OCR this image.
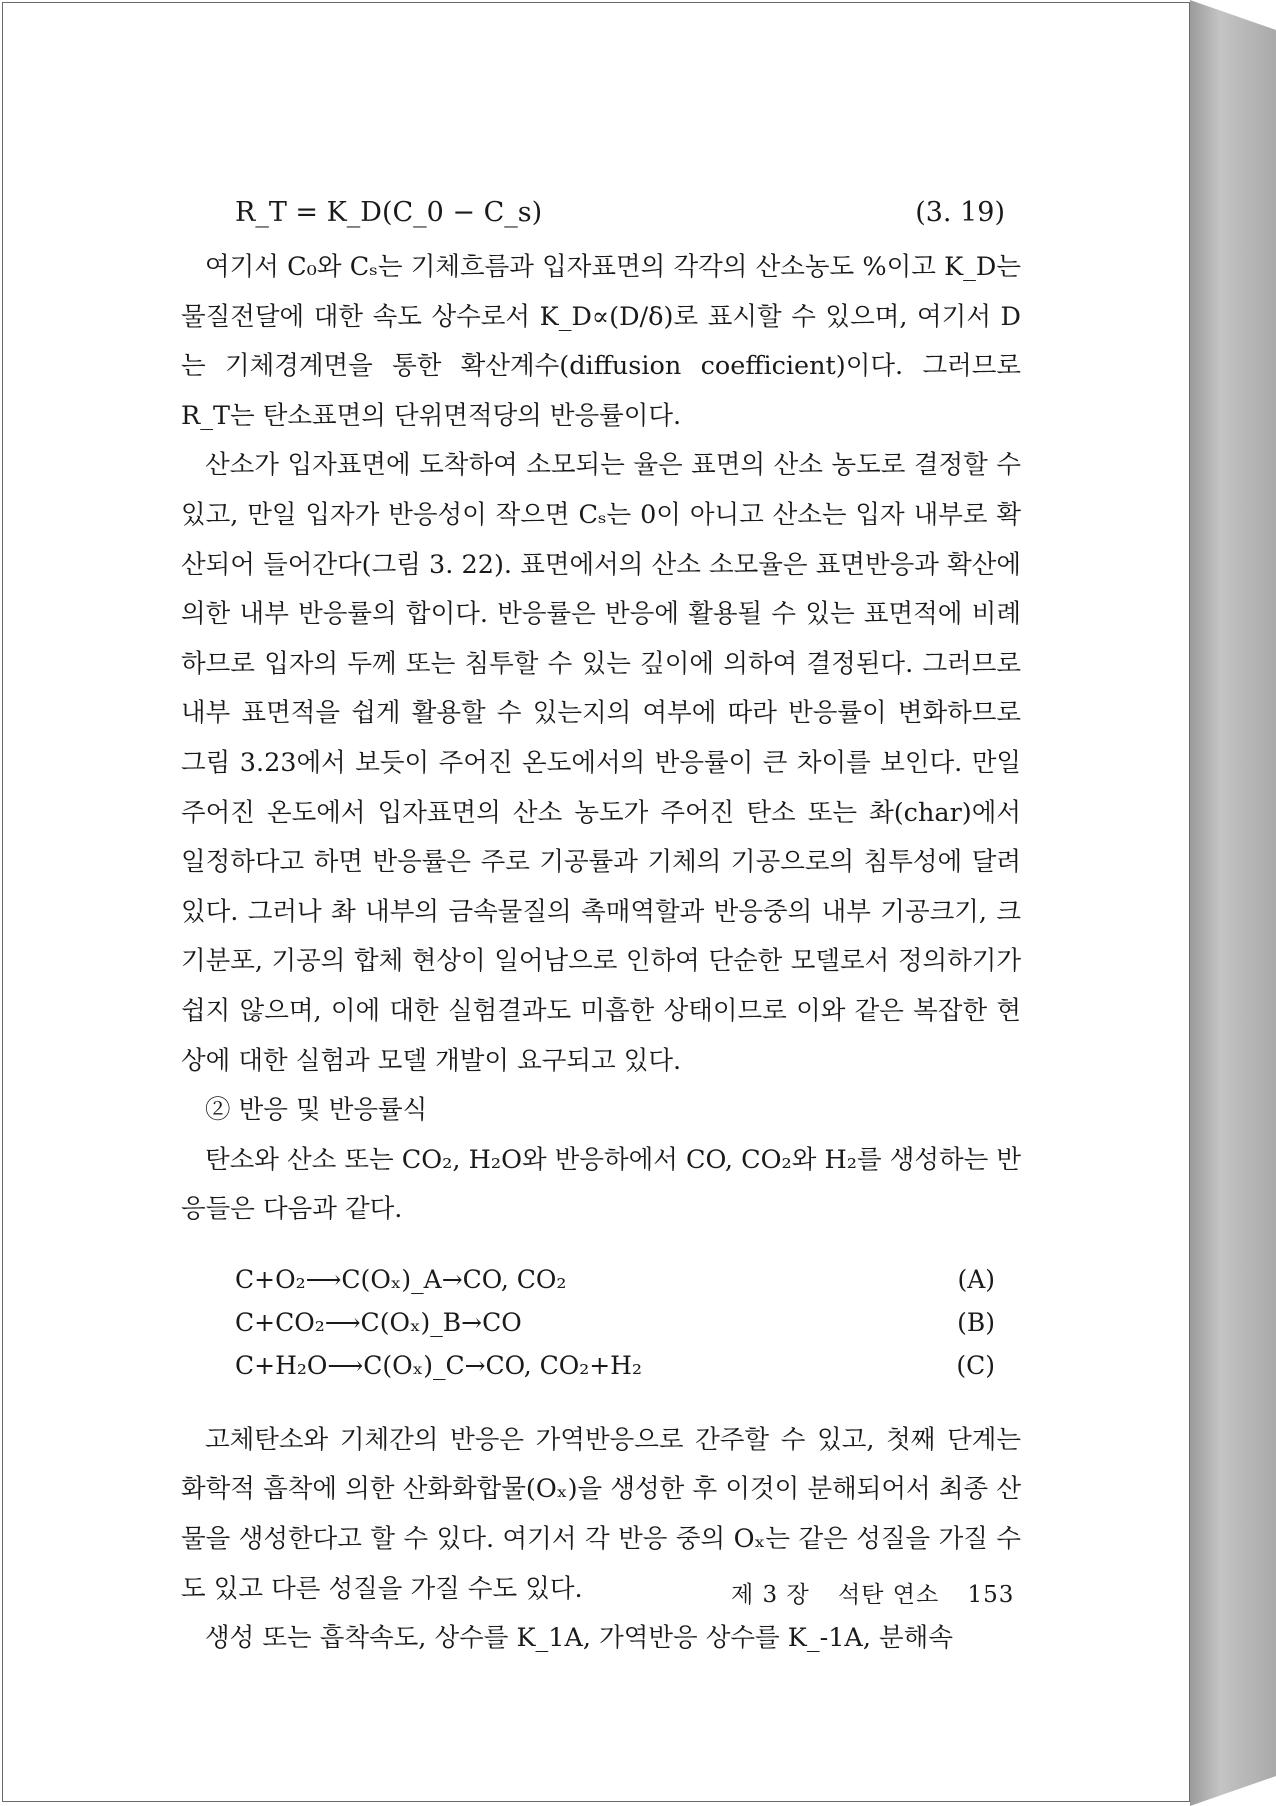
R_T = K_D(C_0 − C_s)	(3. 19)

여기서 C₀와 Cₛ는 기체흐름과 입자표면의 각각의 산소농도 %이고 K_D는 물질전달에 대한 속도 상수로서 K_D∝(D/δ)로 표시할 수 있으며, 여기서 D는 기체경계면을 통한 확산계수(diffusion coefficient)이다. 그러므로 R_T는 탄소표면의 단위면적당의 반응률이다.

산소가 입자표면에 도착하여 소모되는 율은 표면의 산소 농도로 결정할 수 있고, 만일 입자가 반응성이 작으면 Cₛ는 0이 아니고 산소는 입자 내부로 확산되어 들어간다(그림 3. 22). 표면에서의 산소 소모율은 표면반응과 확산에 의한 내부 반응률의 합이다. 반응률은 반응에 활용될 수 있는 표면적에 비례하므로 입자의 두께 또는 침투할 수 있는 깊이에 의하여 결정된다. 그러므로 내부 표면적을 쉽게 활용할 수 있는지의 여부에 따라 반응률이 변화하므로 그림 3.23에서 보듯이 주어진 온도에서의 반응률이 큰 차이를 보인다. 만일 주어진 온도에서 입자표면의 산소 농도가 주어진 탄소 또는 촤(char)에서 일정하다고 하면 반응률은 주로 기공률과 기체의 기공으로의 침투성에 달려 있다. 그러나 촤 내부의 금속물질의 촉매역할과 반응중의 내부 기공크기, 크기분포, 기공의 합체 현상이 일어남으로 인하여 단순한 모델로서 정의하기가 쉽지 않으며, 이에 대한 실험결과도 미흡한 상태이므로 이와 같은 복잡한 현상에 대한 실험과 모델 개발이 요구되고 있다.

② 반응 및 반응률식

탄소와 산소 또는 CO₂, H₂O와 반응하에서 CO, CO₂와 H₂를 생성하는 반응들은 다음과 같다.

C+O₂⟶C(Oₓ)_A→CO, CO₂	(A)
C+CO₂⟶C(Oₓ)_B→CO	(B)
C+H₂O⟶C(Oₓ)_C→CO, CO₂+H₂	(C)

고체탄소와 기체간의 반응은 가역반응으로 간주할 수 있고, 첫째 단계는 화학적 흡착에 의한 산화화합물(Oₓ)을 생성한 후 이것이 분해되어서 최종 산물을 생성한다고 할 수 있다. 여기서 각 반응 중의 Oₓ는 같은 성질을 가질 수도 있고 다른 성질을 가질 수도 있다.

생성 또는 흡착속도, 상수를 K_1A, 가역반응 상수를 K_-1A, 분해속

제 3 장 석탄 연소 153
